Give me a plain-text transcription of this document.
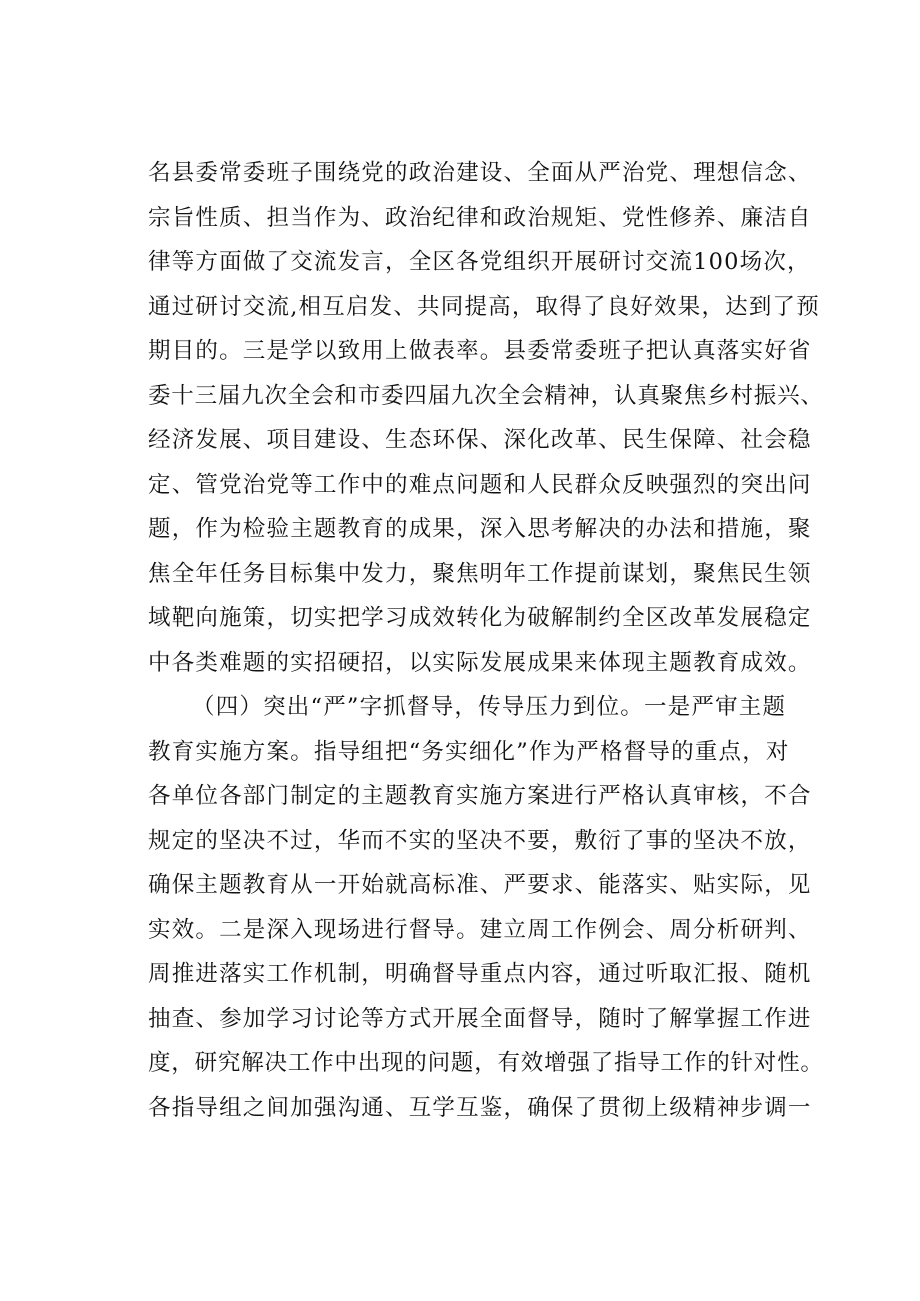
名县委常委班子围绕党的政治建设、全面从严治党、理想信念、
宗旨性质、担当作为、政治纪律和政治规矩、党性修养、廉洁自
律等方面做了交流发言，全区各党组织开展研讨交流100场次，
通过研讨交流,相互启发、共同提高，取得了良好效果，达到了预
期目的。三是学以致用上做表率。县委常委班子把认真落实好省
委十三届九次全会和市委四届九次全会精神，认真聚焦乡村振兴、
经济发展、项目建设、生态环保、深化改革、民生保障、社会稳
定、管党治党等工作中的难点问题和人民群众反映强烈的突出问
题，作为检验主题教育的成果，深入思考解决的办法和措施，聚
焦全年任务目标集中发力，聚焦明年工作提前谋划，聚焦民生领
域靶向施策，切实把学习成效转化为破解制约全区改革发展稳定
中各类难题的实招硬招，以实际发展成果来体现主题教育成效。
（四）突出“严”字抓督导，传导压力到位。一是严审主题
教育实施方案。指导组把“务实细化”作为严格督导的重点，对
各单位各部门制定的主题教育实施方案进行严格认真审核，不合
规定的坚决不过，华而不实的坚决不要，敷衍了事的坚决不放，
确保主题教育从一开始就高标准、严要求、能落实、贴实际，见
实效。二是深入现场进行督导。建立周工作例会、周分析研判、
周推进落实工作机制，明确督导重点内容，通过听取汇报、随机
抽查、参加学习讨论等方式开展全面督导，随时了解掌握工作进
度，研究解决工作中出现的问题，有效增强了指导工作的针对性。
各指导组之间加强沟通、互学互鉴，确保了贯彻上级精神步调一
